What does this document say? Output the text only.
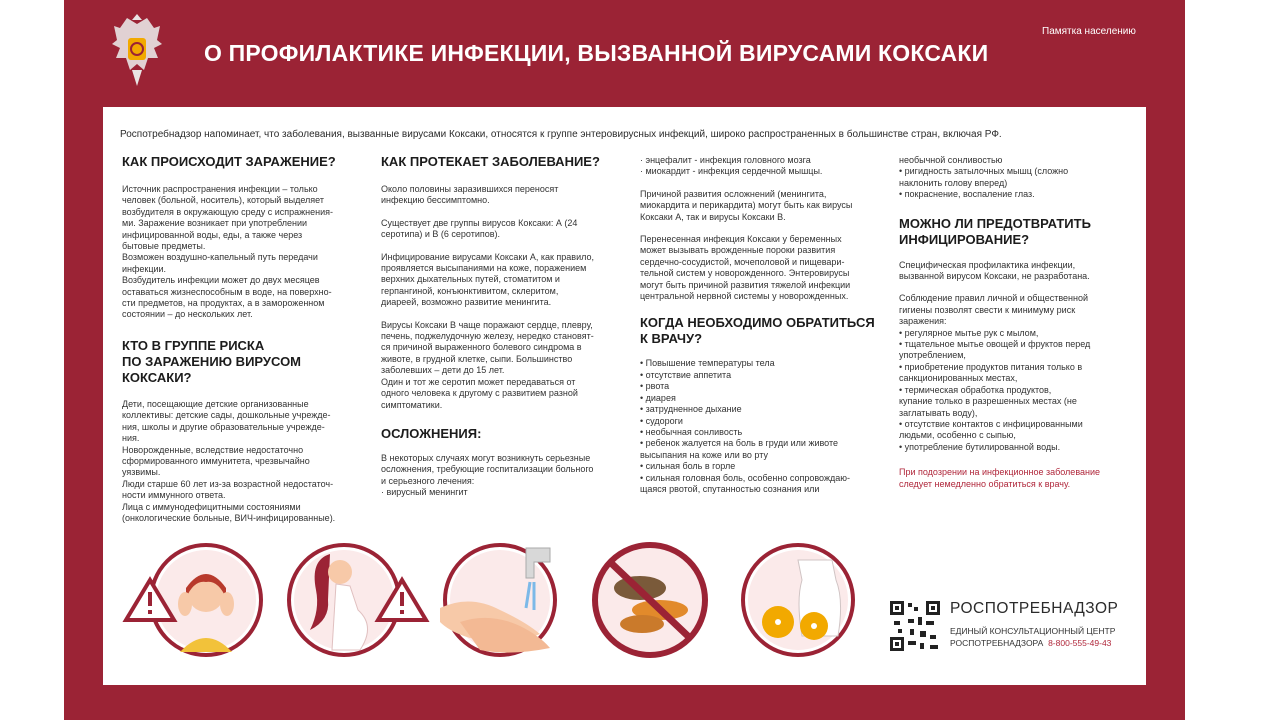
О ПРОФИЛАКТИКЕ ИНФЕКЦИИ, ВЫЗВАННОЙ ВИРУСАМИ КОКСАКИ
Памятка населению
Роспотребнадзор напоминает, что заболевания, вызванные вирусами Коксаки, относятся к группе энтеровирусных инфекций, широко распространенных в большинстве стран, включая РФ.
КАК ПРОИСХОДИТ ЗАРАЖЕНИЕ?
Источник распространения инфекции – только
человек (больной, носитель), который выделяет
возбудителя в окружающую среду с испражнения-
ми. Заражение возникает при употреблении
инфицированной воды, еды, а также через
бытовые предметы.
Возможен воздушно-капельный путь передачи
инфекции.
Возбудитель инфекции может до двух месяцев
оставаться жизнеспособным в воде, на поверхно-
сти предметов, на продуктах, а в замороженном
состоянии – до нескольких лет.
КТО В ГРУППЕ РИСКА
ПО ЗАРАЖЕНИЮ ВИРУСОМ КОКСАКИ?
Дети, посещающие детские организованные
коллективы: детские сады, дошкольные учрежде-
ния, школы и другие образовательные учрежде-
ния.
Новорожденные, вследствие недостаточно
сформированного иммунитета, чрезвычайно
уязвимы.
Люди старше 60 лет из-за возрастной недостаточ-
ности иммунного ответа.
Лица с иммунодефицитными состояниями
(онкологические больные, ВИЧ-инфицированные).
КАК ПРОТЕКАЕТ ЗАБОЛЕВАНИЕ?
Около половины заразившихся переносят
инфекцию бессимптомно.
Существует две группы вирусов Коксаки: А (24
серотипа) и В (6 серотипов).
Инфицирование вирусами Коксаки А, как правило,
проявляется высыпаниями на коже, поражением
верхних дыхательных путей, стоматитом и
герпангиной, конъюнктивитом, склеритом,
диареей, возможно развитие менингита.
Вирусы Коксаки В чаще поражают сердце, плевру,
печень, поджелудочную железу, нередко становят-
ся причиной выраженного болевого синдрома в
животе, в грудной клетке, сыпи. Большинство
заболевших – дети до 15 лет.
Один и тот же серотип может передаваться от
одного человека к другому с развитием разной
симптоматики.
ОСЛОЖНЕНИЯ:
В некоторых случаях могут возникнуть серьезные
осложнения, требующие госпитализации больного
и серьезного лечения:
· вирусный менингит
· энцефалит - инфекция головного мозга
· миокардит - инфекция сердечной мышцы.
Причиной развития осложнений (менингита,
миокардита и перикардита) могут быть как вирусы
Коксаки А, так и вирусы Коксаки В.
Перенесенная инфекция Коксаки у беременных
может вызывать врожденные пороки развития
сердечно-сосудистой, мочеполовой и пищевари-
тельной систем у новорожденного. Энтеровирусы
могут быть причиной развития тяжелой инфекции
центральной нервной системы у новорожденных.
КОГДА НЕОБХОДИМО ОБРАТИТЬСЯ
К ВРАЧУ?
• Повышение температуры тела
• отсутствие аппетита
• рвота
• диарея
• затрудненное дыхание
• судороги
• необычная сонливость
• ребенок жалуется на боль в груди или животе
высыпания на коже или во рту
• сильная боль в горле
• сильная головная боль, особенно сопровождаю-
щаяся рвотой, спутанностью сознания или
необычной сонливостью
• ригидность затылочных мышц (сложно
наклонить голову вперед)
• покраснение, воспаление глаз.
МОЖНО ЛИ ПРЕДОТВРАТИТЬ
ИНФИЦИРОВАНИЕ?
Специфическая профилактика инфекции,
вызванной вирусом Коксаки, не разработана.
Соблюдение правил личной и общественной
гигиены позволят свести к минимуму риск
заражения:
• регулярное мытье рук с мылом,
• тщательное мытье овощей и фруктов перед
употреблением,
• приобретение продуктов питания только в
санкционированных местах,
• термическая обработка продуктов,
купание только в разрешенных местах (не
заглатывать воду),
• отсутствие контактов с инфицированными
людьми, особенно с сыпью,
• употребление бутилированной воды.
При подозрении на инфекционное заболевание
следует немедленно обратиться к врачу.
РОСПОТРЕБНАДЗОР
ЕДИНЫЙ КОНСУЛЬТАЦИОННЫЙ ЦЕНТР
РОСПОТРЕБНАДЗОРА 8-800-555-49-43
